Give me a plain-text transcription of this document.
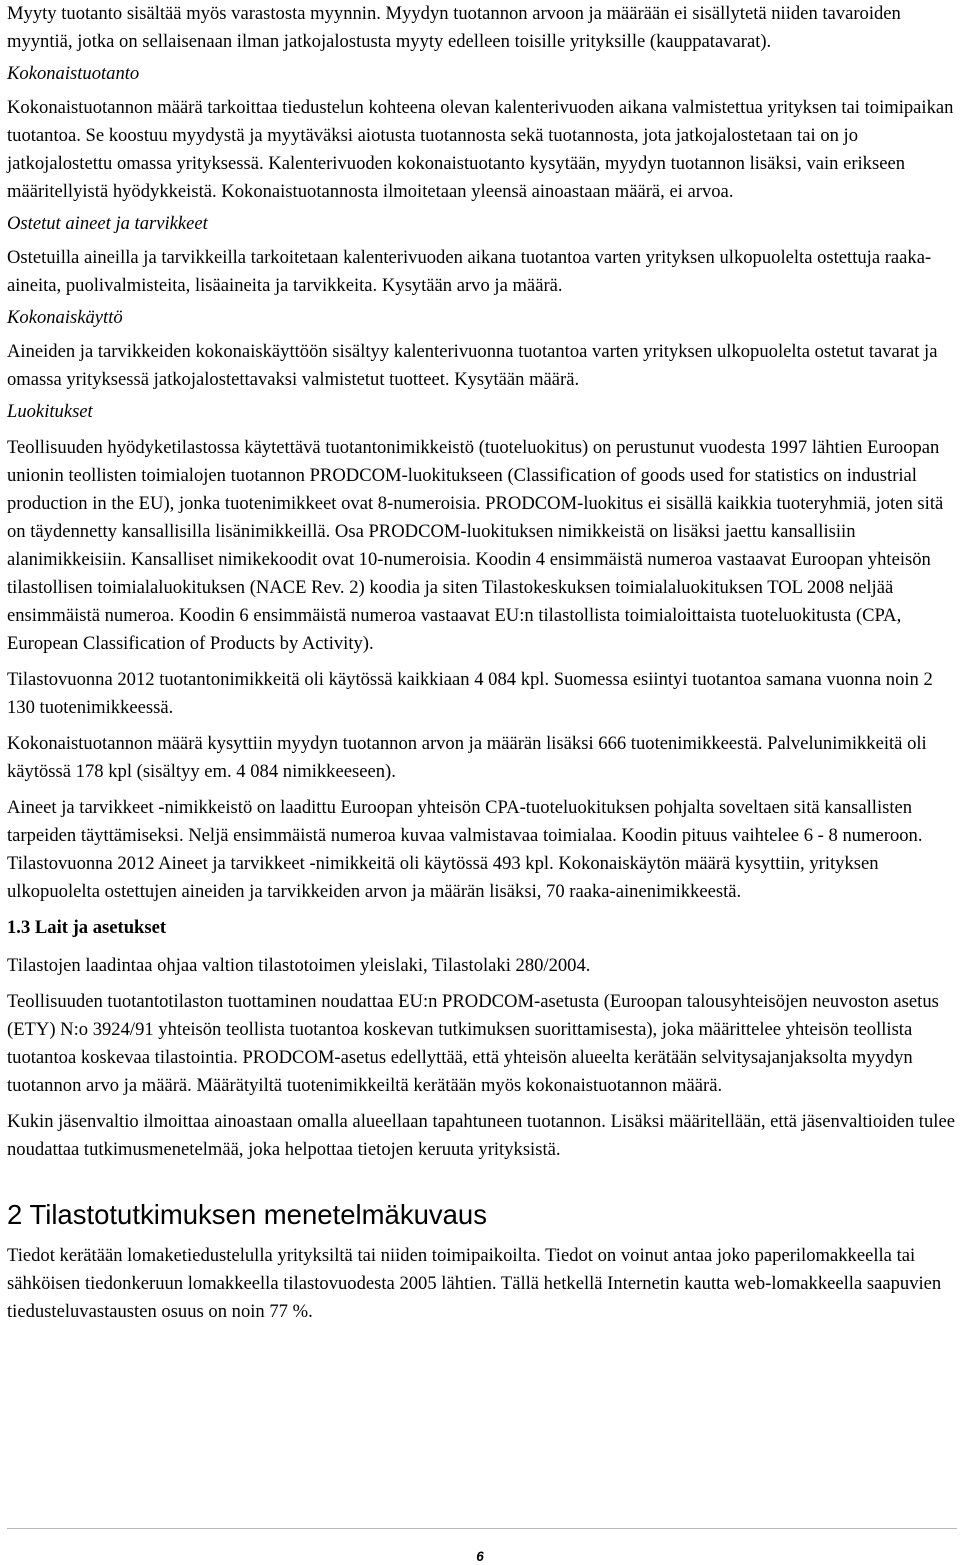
Myyty tuotanto sisältää myös varastosta myynnin. Myydyn tuotannon arvoon ja määrään ei sisällytetä niiden tavaroiden myyntiä, jotka on sellaisenaan ilman jatkojalostusta myyty edelleen toisille yrityksille (kauppatavarat).

Kokonaistuotanto

Kokonaistuotannon määrä tarkoittaa tiedustelun kohteena olevan kalenterivuoden aikana valmistettua yrityksen tai toimipaikan tuotantoa. Se koostuu myydystä ja myytäväksi aiotusta tuotannosta sekä tuotannosta, jota jatkojalostetaan tai on jo jatkojalostettu omassa yrityksessä. Kalenterivuoden kokonaistuotanto kysytään, myydyn tuotannon lisäksi, vain erikseen määritellyistä hyödykkeistä. Kokonaistuotannosta ilmoitetaan yleensä ainoastaan määrä, ei arvoa.

Ostetut aineet ja tarvikkeet

Ostetuilla aineilla ja tarvikkeilla tarkoitetaan kalenterivuoden aikana tuotantoa varten yrityksen ulkopuolelta ostettuja raaka-aineita, puolivalmisteita, lisäaineita ja tarvikkeita. Kysytään arvo ja määrä.

Kokonaiskäyttö

Aineiden ja tarvikkeiden kokonaiskäyttöön sisältyy kalenterivuonna tuotantoa varten yrityksen ulkopuolelta ostetut tavarat ja omassa yrityksessä jatkojalostettavaksi valmistetut tuotteet. Kysytään määrä.

Luokitukset

Teollisuuden hyödyketilastossa käytettävä tuotantonimikkeistö (tuoteluokitus) on perustunut vuodesta 1997 lähtien Euroopan unionin teollisten toimialojen tuotannon PRODCOM-luokitukseen (Classification of goods used for statistics on industrial production in the EU), jonka tuotenimikkeet ovat 8-numeroisia. PRODCOM-luokitus ei sisällä kaikkia tuoteryhmiä, joten sitä on täydennetty kansallisilla lisänimikkeillä. Osa PRODCOM-luokituksen nimikkeistä on lisäksi jaettu kansallisiin alanimikkeisiin. Kansalliset nimikekoodit ovat 10-numeroisia. Koodin 4 ensimmäistä numeroa vastaavat Euroopan yhteisön tilastollisen toimialaluokituksen (NACE Rev. 2) koodia ja siten Tilastokeskuksen toimialaluokituksen TOL 2008 neljää ensimmäistä numeroa. Koodin 6 ensimmäistä numeroa vastaavat EU:n tilastollista toimialoittaista tuoteluokitusta (CPA, European Classification of Products by Activity).

Tilastovuonna 2012 tuotantonimikkeitä oli käytössä kaikkiaan 4 084 kpl. Suomessa esiintyi tuotantoa samana vuonna noin 2 130 tuotenimikkeessä.

Kokonaistuotannon määrä kysyttiin myydyn tuotannon arvon ja määrän lisäksi 666 tuotenimikkeestä. Palvelunimikkeitä oli käytössä 178 kpl (sisältyy em. 4 084 nimikkeeseen).

Aineet ja tarvikkeet -nimikkeistö on laadittu Euroopan yhteisön CPA-tuoteluokituksen pohjalta soveltaen sitä kansallisten tarpeiden täyttämiseksi. Neljä ensimmäistä numeroa kuvaa valmistavaa toimialaa. Koodin pituus vaihtelee 6 - 8 numeroon. Tilastovuonna 2012 Aineet ja tarvikkeet -nimikkeitä oli käytössä 493 kpl. Kokonaiskäytön määrä kysyttiin, yrityksen ulkopuolelta ostettujen aineiden ja tarvikkeiden arvon ja määrän lisäksi, 70 raaka-ainenimikkeestä.

1.3 Lait ja asetukset

Tilastojen laadintaa ohjaa valtion tilastotoimen yleislaki, Tilastolaki 280/2004.

Teollisuuden tuotantotilaston tuottaminen noudattaa EU:n PRODCOM-asetusta (Euroopan talousyhteisöjen neuvoston asetus (ETY) N:o 3924/91 yhteisön teollista tuotantoa koskevan tutkimuksen suorittamisesta), joka määrittelee yhteisön teollista tuotantoa koskevaa tilastointia. PRODCOM-asetus edellyttää, että yhteisön alueelta kerätään selvitysajanjaksolta myydyn tuotannon arvo ja määrä. Määrätyiltä tuotenimikkeiltä kerätään myös kokonaistuotannon määrä.

Kukin jäsenvaltio ilmoittaa ainoastaan omalla alueellaan tapahtuneen tuotannon. Lisäksi määritellään, että jäsenvaltioiden tulee noudattaa tutkimusmenetelmää, joka helpottaa tietojen keruuta yrityksistä.

2 Tilastotutkimuksen menetelmäkuvaus

Tiedot kerätään lomaketiedustelulla yrityksiltä tai niiden toimipaikoilta. Tiedot on voinut antaa joko paperilomakkeella tai sähköisen tiedonkeruun lomakkeella tilastovuodesta 2005 lähtien. Tällä hetkellä Internetin kautta web-lomakkeella saapuvien tiedusteluvastausten osuus on noin 77 %.

6
